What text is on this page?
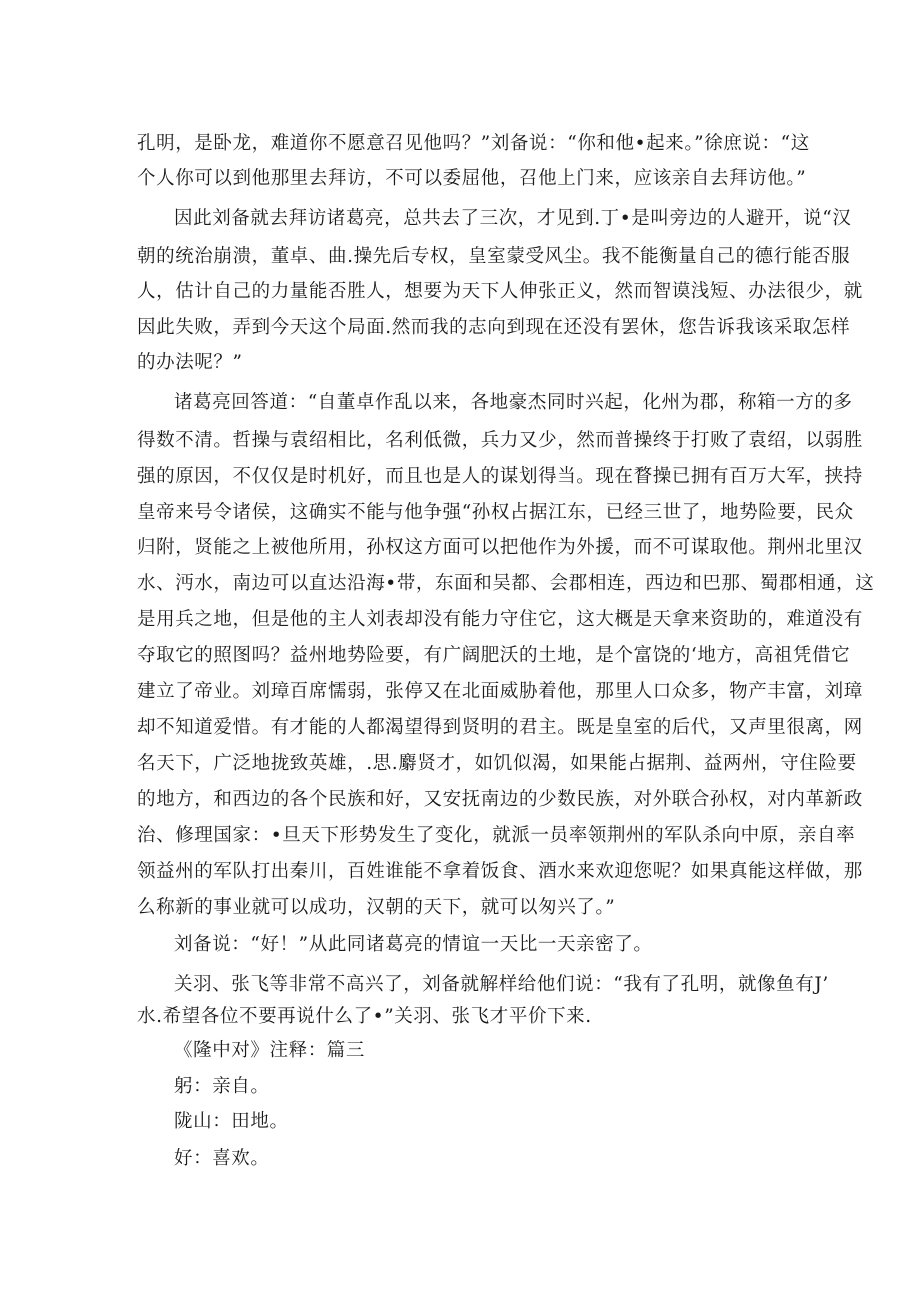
孔明，是卧龙，难道你不愿意召见他吗？”刘备说：“你和他•起来。”徐庶说：“这
个人你可以到他那里去拜访，不可以委屈他，召他上门来，应该亲自去拜访他。”
因此刘备就去拜访诸葛亮，总共去了三次，才见到.丁•是叫旁边的人避开，说“汉
朝的统治崩溃，董卓、曲.操先后专权，皇室蒙受风尘。我不能衡量自己的德行能否服
人，估计自己的力量能否胜人，想要为天下人伸张正义，然而智谟浅短、办法很少，就
因此失败，弄到今天这个局面.然而我的志向到现在还没有罢休，您告诉我该采取怎样
的办法呢？”
诸葛亮回答道：“自董卓作乱以来，各地豪杰同时兴起，化州为郡，称箱一方的多
得数不清。哲操与袁绍相比，名利低微，兵力又少，然而普操终于打败了袁绍，以弱胜
强的原因，不仅仅是时机好，而且也是人的谋划得当。现在瞀操已拥有百万大军，挟持
皇帝来号令诸侯，这确实不能与他争强“孙权占据江东，已经三世了，地势险要，民众
归附，贤能之上被他所用，孙权这方面可以把他作为外援，而不可谋取他。荆州北里汉
水、沔水，南边可以直达沿海•带，东面和吴都、会郡相连，西边和巴那、蜀郡相通，这
是用兵之地，但是他的主人刘表却没有能力守住它，这大概是天拿来资助的，难道没有
夺取它的照图吗？益州地势险要，有广阔肥沃的土地，是个富饶的‘地方，高祖凭借它
建立了帝业。刘璋百席懦弱，张停又在北面威胁着他，那里人口众多，物产丰富，刘璋
却不知道爱惜。有才能的人都渴望得到贤明的君主。既是皇室的后代，又声里很离，网
名天下，广泛地拢致英雄，.思.麝贤才，如饥似渴，如果能占据荆、益两州，守住险要
的地方，和西边的各个民族和好，又安抚南边的少数民族，对外联合孙权，对内革新政
治、修理国家：•旦天下形势发生了变化，就派一员率领荆州的军队杀向中原，亲自率
领益州的军队打出秦川，百姓谁能不拿着饭食、酒水来欢迎您呢？如果真能这样做，那
么称新的事业就可以成功，汉朝的天下，就可以匆兴了。”
刘备说：“好！”从此同诸葛亮的情谊一天比一天亲密了。
关羽、张飞等非常不高兴了，刘备就解样给他们说：“我有了孔明，就像鱼有J’
水.希望各位不要再说什么了•”关羽、张飞才平价下来.
《隆中对》注释：篇三
躬：亲自。
陇山：田地。
好：喜欢。
